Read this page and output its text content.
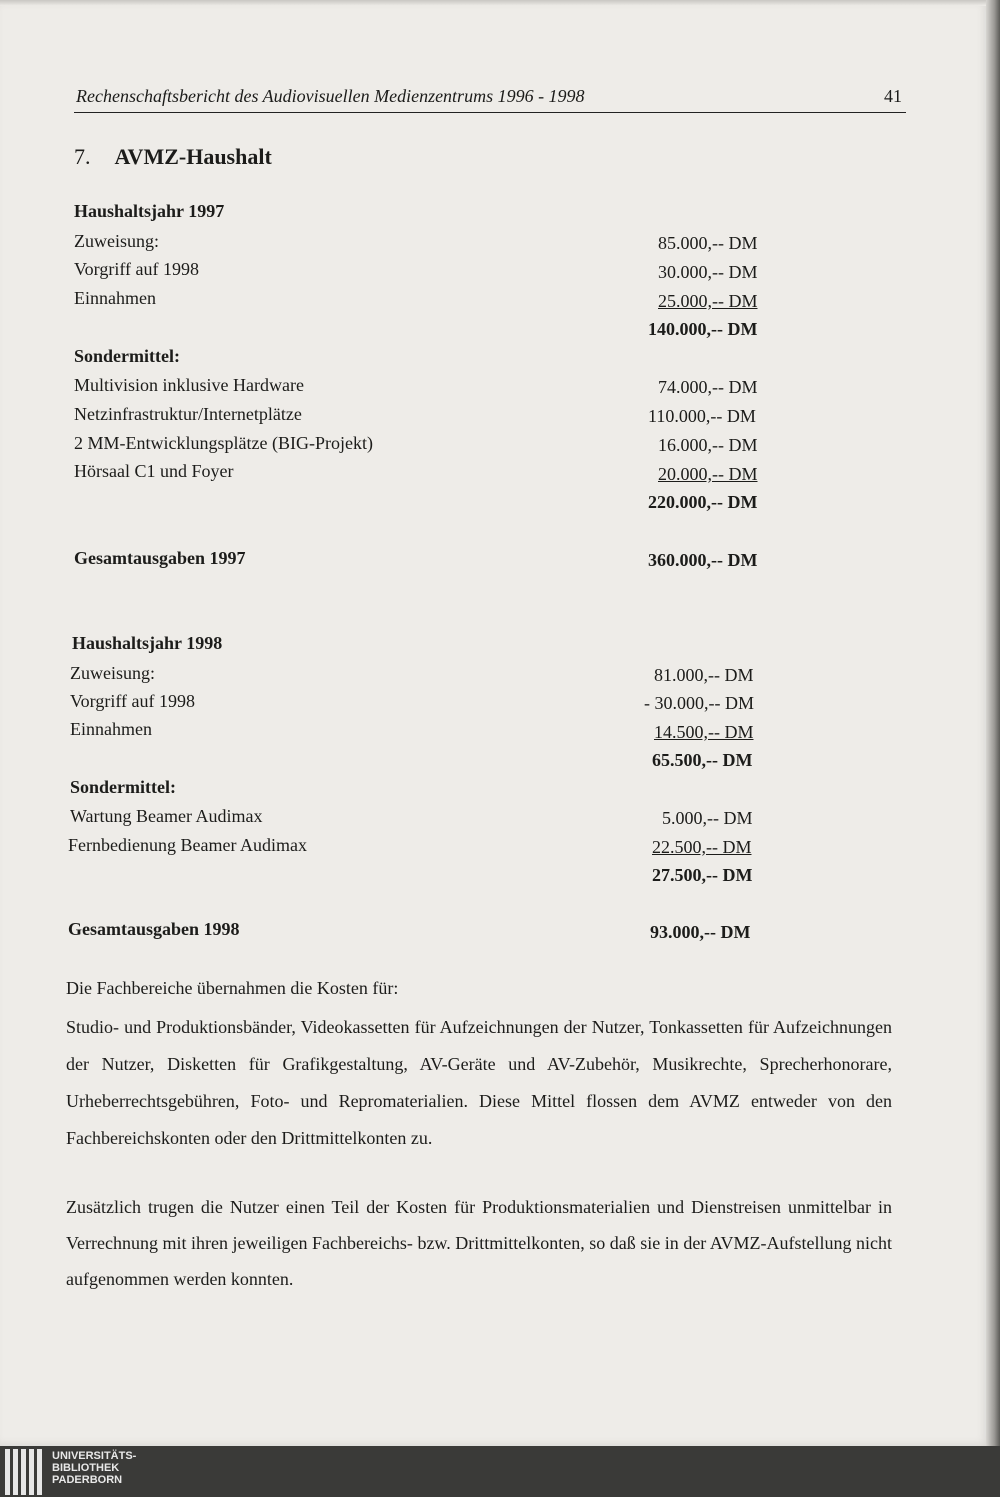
Rechenschaftsbericht des Audiovisuellen Medienzentrums 1996 - 1998	41
7. AVMZ-Haushalt
Haushaltsjahr 1997
Zuweisung:	85.000,-- DM
Vorgriff auf 1998	30.000,-- DM
Einnahmen	25.000,-- DM
140.000,-- DM
Sondermittel:
Multivision inklusive Hardware	74.000,-- DM
Netzinfrastruktur/Internetplätze	110.000,-- DM
2 MM-Entwicklungsplätze (BIG-Projekt)	16.000,-- DM
Hörsaal C1 und Foyer	20.000,-- DM
220.000,-- DM
Gesamtausgaben 1997	360.000,-- DM
Haushaltsjahr 1998
Zuweisung:	81.000,-- DM
Vorgriff auf 1998	- 30.000,-- DM
Einnahmen	14.500,-- DM
65.500,-- DM
Sondermittel:
Wartung Beamer Audimax	5.000,-- DM
Fernbedienung Beamer Audimax	22.500,-- DM
27.500,-- DM
Gesamtausgaben 1998	93.000,-- DM
Die Fachbereiche übernahmen die Kosten für:
Studio- und Produktionsbänder, Videokassetten für Aufzeichnungen der Nutzer, Tonkassetten für Aufzeichnungen der Nutzer, Disketten für Grafikgestaltung, AV-Geräte und AV-Zubehör, Musikrechte, Sprecherhonorare, Urheberrechtsgebühren, Foto- und Repromaterialien. Diese Mittel flossen dem AVMZ entweder von den Fachbereichskonten oder den Drittmittelkonten zu.
Zusätzlich trugen die Nutzer einen Teil der Kosten für Produktionsmaterialien und Dienstreisen unmittelbar in Verrechnung mit ihren jeweiligen Fachbereichs- bzw. Drittmittelkonten, so daß sie in der AVMZ-Aufstellung nicht aufgenommen werden konnten.
UNIVERSITÄTS-
BIBLIOTHEK
PADERBORN
